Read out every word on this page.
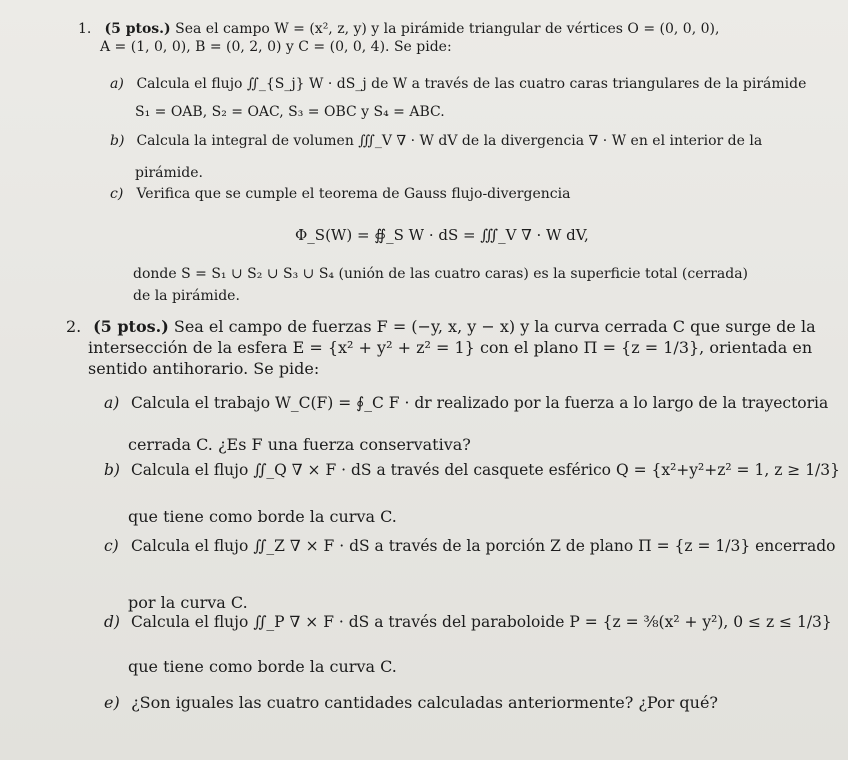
1. (5 ptos.) Sea el campo W = (x², z, y) y la pirámide triangular de vértices O = (0, 0, 0),
A = (1, 0, 0), B = (0, 2, 0) y C = (0, 0, 4). Se pide:
a) Calcula el flujo ∬_{S_j} W · dS_j de W a través de las cuatro caras triangulares de la pirámide
S₁ = OAB, S₂ = OAC, S₃ = OBC y S₄ = ABC.
b) Calcula la integral de volumen ∭_V ∇ · W dV de la divergencia ∇ · W en el interior de la
pirámide.
c) Verifica que se cumple el teorema de Gauss flujo-divergencia
Φ_S(W) = ∯_S W · dS = ∭_V ∇ · W dV,
donde S = S₁ ∪ S₂ ∪ S₃ ∪ S₄ (unión de las cuatro caras) es la superficie total (cerrada)
de la pirámide.
2. (5 ptos.) Sea el campo de fuerzas F = (−y, x, y − x) y la curva cerrada C que surge de la
intersección de la esfera E = {x² + y² + z² = 1} con el plano Π = {z = 1/3}, orientada en
sentido antihorario. Se pide:
a) Calcula el trabajo W_C(F) = ∮_C F · dr realizado por la fuerza a lo largo de la trayectoria
cerrada C. ¿Es F una fuerza conservativa?
b) Calcula el flujo ∬_Q ∇ × F · dS a través del casquete esférico Q = {x²+y²+z² = 1, z ≥ 1/3}
que tiene como borde la curva C.
c) Calcula el flujo ∬_Z ∇ × F · dS a través de la porción Z de plano Π = {z = 1/3} encerrado
por la curva C.
d) Calcula el flujo ∬_P ∇ × F · dS a través del paraboloide P = {z = ⅜(x² + y²), 0 ≤ z ≤ 1/3}
que tiene como borde la curva C.
e) ¿Son iguales las cuatro cantidades calculadas anteriormente? ¿Por qué?
